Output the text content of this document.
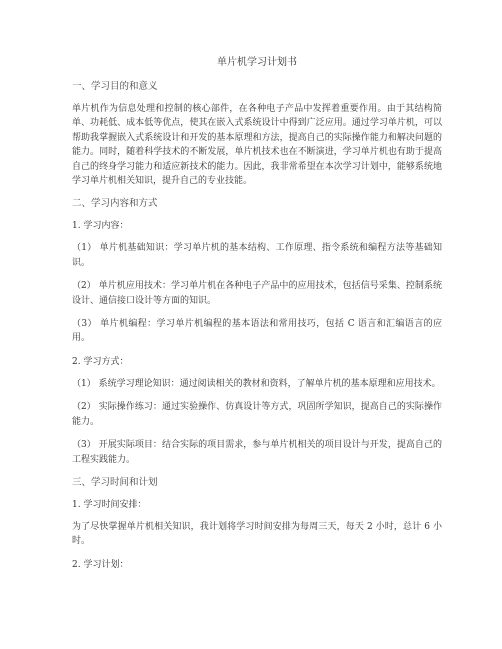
单片机学习计划书
一、学习目的和意义

单片机作为信息处理和控制的核心部件，在各种电子产品中发挥着重要作用。由于其结构简单、功耗低、成本低等优点，使其在嵌入式系统设计中得到广泛应用。通过学习单片机，可以帮助我掌握嵌入式系统设计和开发的基本原理和方法，提高自己的实际操作能力和解决问题的能力。同时，随着科学技术的不断发展，单片机技术也在不断演进，学习单片机也有助于提高自己的终身学习能力和适应新技术的能力。因此，我非常希望在本次学习计划中，能够系统地学习单片机相关知识，提升自己的专业技能。

二、学习内容和方式
1. 学习内容：

（1） 单片机基础知识：学习单片机的基本结构、工作原理、指令系统和编程方法等基础知识。

（2） 单片机应用技术：学习单片机在各种电子产品中的应用技术，包括信号采集、控制系统设计、通信接口设计等方面的知识。

（3） 单片机编程：学习单片机编程的基本语法和常用技巧，包括 C 语言和汇编语言的应用。

2. 学习方式：

（1） 系统学习理论知识：通过阅读相关的教材和资料，了解单片机的基本原理和应用技术。

（2） 实际操作练习：通过实验操作、仿真设计等方式，巩固所学知识，提高自己的实际操作能力。

（3） 开展实际项目：结合实际的项目需求，参与单片机相关的项目设计与开发，提高自己的工程实践能力。

三、学习时间和计划
1. 学习时间安排：

为了尽快掌握单片机相关知识，我计划将学习时间安排为每周三天，每天 2 小时，总计 6 小时。

2. 学习计划：
